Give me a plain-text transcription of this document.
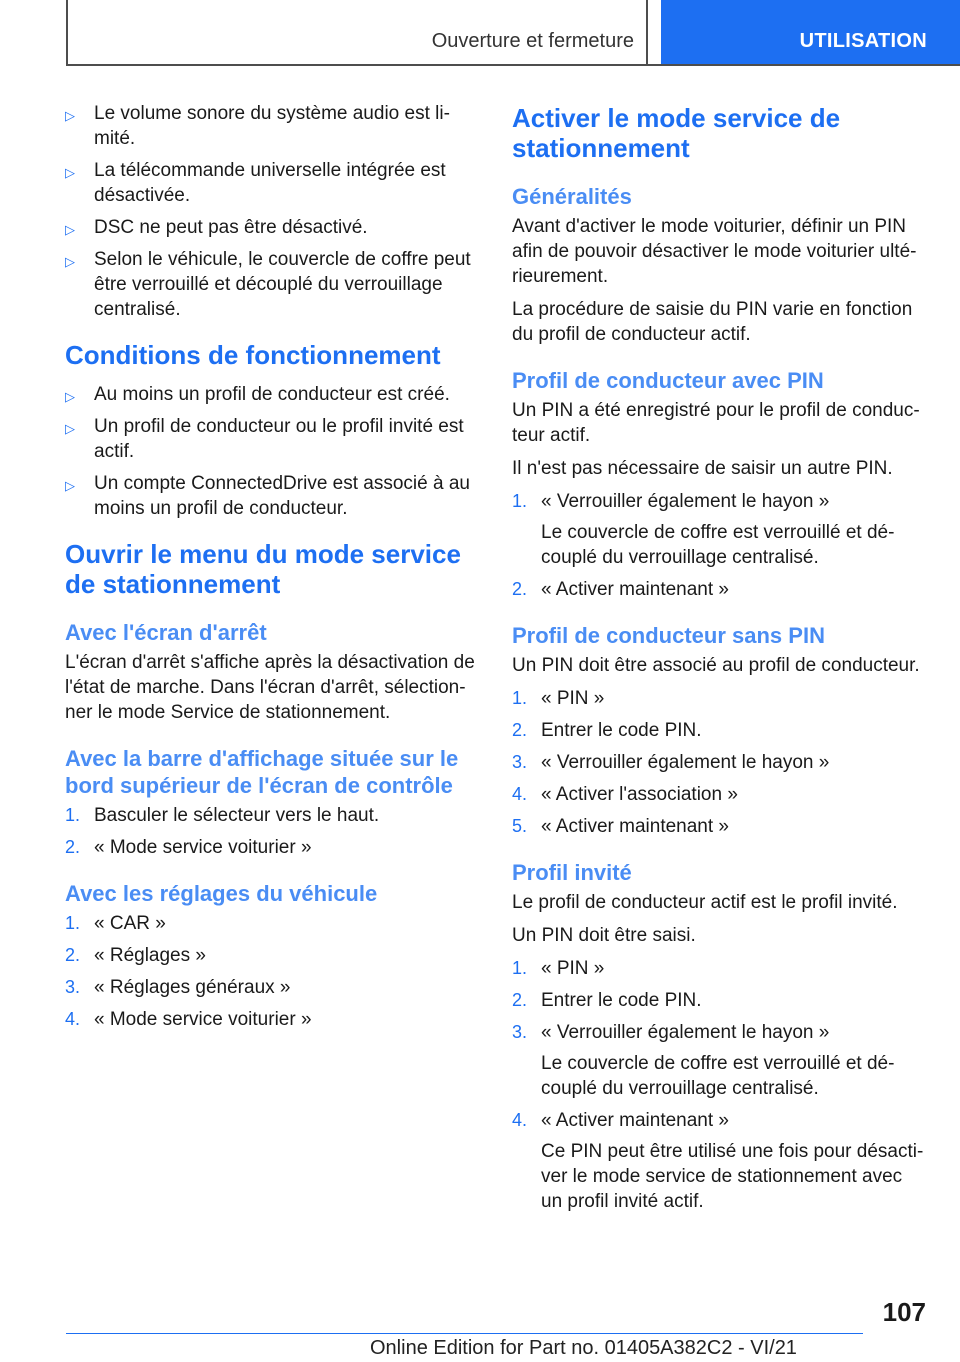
Ouverture et fermeture	UTILISATION
▷ Le volume sonore du système audio est limité.
▷ La télécommande universelle intégrée est désactivée.
▷ DSC ne peut pas être désactivé.
▷ Selon le véhicule, le couvercle de coffre peut être verrouillé et découplé du verrouillage centralisé.
Conditions de fonctionnement
▷ Au moins un profil de conducteur est créé.
▷ Un profil de conducteur ou le profil invité est actif.
▷ Un compte ConnectedDrive est associé à au moins un profil de conducteur.
Ouvrir le menu du mode service de stationnement
Avec l'écran d'arrêt

L'écran d'arrêt s'affiche après la désactivation de l'état de marche. Dans l'écran d'arrêt, sélectionner le mode Service de stationnement.

Avec la barre d'affichage située sur le bord supérieur de l'écran de contrôle
1. Basculer le sélecteur vers le haut.
2. « Mode service voiturier »
Avec les réglages du véhicule
1. « CAR »
2. « Réglages »
3. « Réglages généraux »
4. « Mode service voiturier »
Activer le mode service de stationnement
Généralités

Avant d'activer le mode voiturier, définir un PIN afin de pouvoir désactiver le mode voiturier ultérieurement.

La procédure de saisie du PIN varie en fonction du profil de conducteur actif.

Profil de conducteur avec PIN

Un PIN a été enregistré pour le profil de conducteur actif.

Il n'est pas nécessaire de saisir un autre PIN.

1. « Verrouiller également le hayon »
Le couvercle de coffre est verrouillé et découplé du verrouillage centralisé.
2. « Activer maintenant »
Profil de conducteur sans PIN

Un PIN doit être associé au profil de conducteur.

1. « PIN »
2. Entrer le code PIN.
3. « Verrouiller également le hayon »
4. « Activer l'association »
5. « Activer maintenant »
Profil invité

Le profil de conducteur actif est le profil invité.

Un PIN doit être saisi.

1. « PIN »
2. Entrer le code PIN.
3. « Verrouiller également le hayon »
Le couvercle de coffre est verrouillé et découplé du verrouillage centralisé.
4. « Activer maintenant »
Ce PIN peut être utilisé une fois pour désactiver le mode service de stationnement avec un profil invité actif.
107
Online Edition for Part no. 01405A382C2 - VI/21
